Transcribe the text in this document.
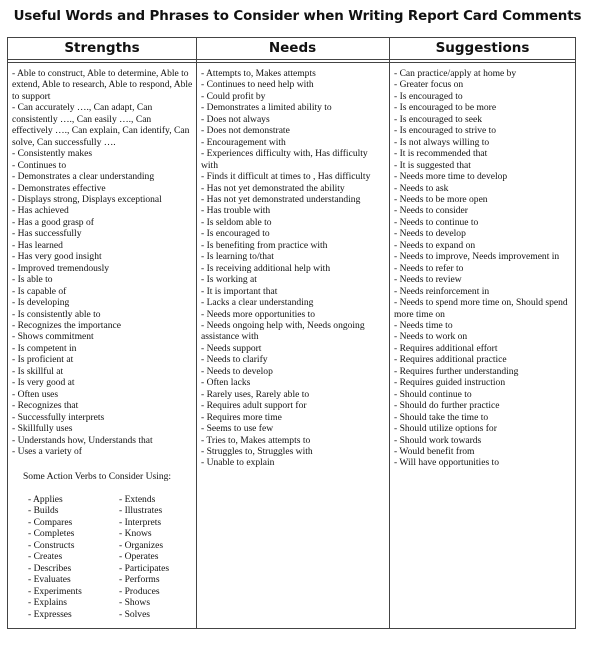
Useful Words and Phrases to Consider when Writing Report Card Comments
Strengths	Needs	Suggestions
- Able to construct, Able to determine, Able to extend, Able to research, Able to respond, Able to support
- Can accurately …., Can adapt, Can consistently …., Can easily …., Can effectively …., Can explain, Can identify, Can solve, Can successfully ….
- Consistently makes
- Continues to
- Demonstrates a clear understanding
- Demonstrates effective
- Displays strong, Displays exceptional
- Has achieved
- Has a good grasp of
- Has successfully
- Has learned
- Has very good insight
- Improved tremendously
- Is able to
- Is capable of
- Is developing
- Is consistently able to
- Recognizes the importance
- Shows commitment
- Is competent in
- Is proficient at
- Is skillful at
- Is very good at
- Often uses
- Recognizes that
- Successfully interprets
- Skillfully uses
- Understands how, Understands that
- Uses a variety of
- Attempts to, Makes attempts
- Continues to need help with
- Could profit by
- Demonstrates a limited ability to
- Does not always
- Does not demonstrate
- Encouragement with
- Experiences difficulty with, Has difficulty with
- Finds it difficult at times to , Has difficulty
- Has not yet demonstrated the ability
- Has not yet demonstrated understanding
- Has trouble with
- Is seldom able to
- Is encouraged to
- Is benefiting from practice with
- Is learning to/that
- Is receiving additional help with
- Is working at
- It is important that
- Lacks a clear understanding
- Needs more opportunities to
- Needs ongoing help with, Needs ongoing assistance with
- Needs support
- Needs to clarify
- Needs to develop
- Often lacks
- Rarely uses, Rarely able to
- Requires adult support for
- Requires more time
- Seems to use few
- Tries to, Makes attempts to
- Struggles to, Struggles with
- Unable to explain
- Can practice/apply at home by
- Greater focus on
- Is encouraged to
- Is encouraged to be more
- Is encouraged to seek
- Is encouraged to strive to
- Is not always willing to
- It is recommended that
- It is suggested that
- Needs more time to develop
- Needs to ask
- Needs to be more open
- Needs to consider
- Needs to continue to
- Needs to develop
- Needs to expand on
- Needs to improve, Needs improvement in
- Needs to refer to
- Needs to review
- Needs reinforcement in
- Needs to spend more time on, Should spend more time on
- Needs time to
- Needs to work on
- Requires additional effort
- Requires additional practice
- Requires further understanding
- Requires guided instruction
- Should continue to
- Should do further practice
- Should take the time to
- Should utilize options for
- Should work towards
- Would benefit from
- Will have opportunities to
Some Action Verbs to Consider Using:
- Applies
- Builds
- Compares
- Completes
- Constructs
- Creates
- Describes
- Evaluates
- Experiments
- Explains
- Expresses
- Extends
- Illustrates
- Interprets
- Knows
- Organizes
- Operates
- Participates
- Performs
- Produces
- Shows
- Solves
